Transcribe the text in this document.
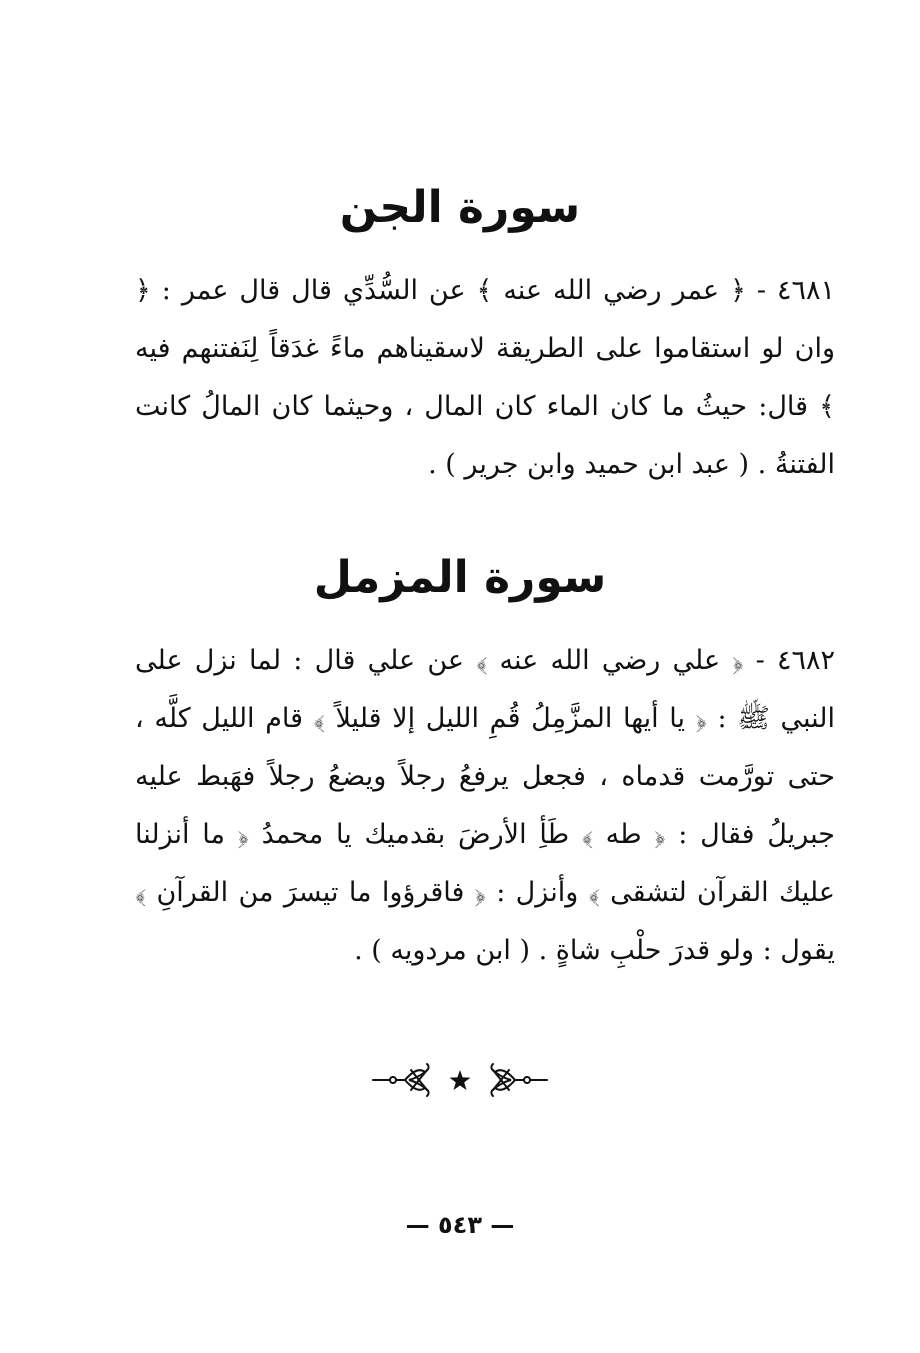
سورة الجن

٤٦٨١ - ﴿ عمر رضي الله عنه ﴾ عن السُّدِّي قال قال عمر : ﴿ وان لو استقاموا على الطريقة لاسقيناهم ماءً غدَقاً لِنَفتنهم فيه ﴾ قال: حيثُ ما كان الماء كان المال ، وحيثما كان المالُ كانت الفتنةُ . ( عبد ابن حميد وابن جرير ) .

سورة المزمل

٤٦٨٢ - ﴿ علي رضي الله عنه ﴾ عن علي قال : لما نزل على النبي ﷺ : ﴿ يا أيها المزَّمِلُ قُمِ الليل إلا قليلاً ﴾ قام الليل كلَّه ، حتى تورَّمت قدماه ، فجعل يرفعُ رجلاً ويضعُ رجلاً فهَبط عليه جبريلُ فقال : ﴿ طه ﴾ طَأِ الأرضَ بقدميك يا محمدُ ﴿ ما أنزلنا عليك القرآن لتشقى ﴾ وأنزل : ﴿ فاقرؤوا ما تيسرَ من القرآنِ ﴾ يقول : ولو قدرَ حلْبِ شاةٍ . ( ابن مردويه ) .

— ٥٤٣ —
